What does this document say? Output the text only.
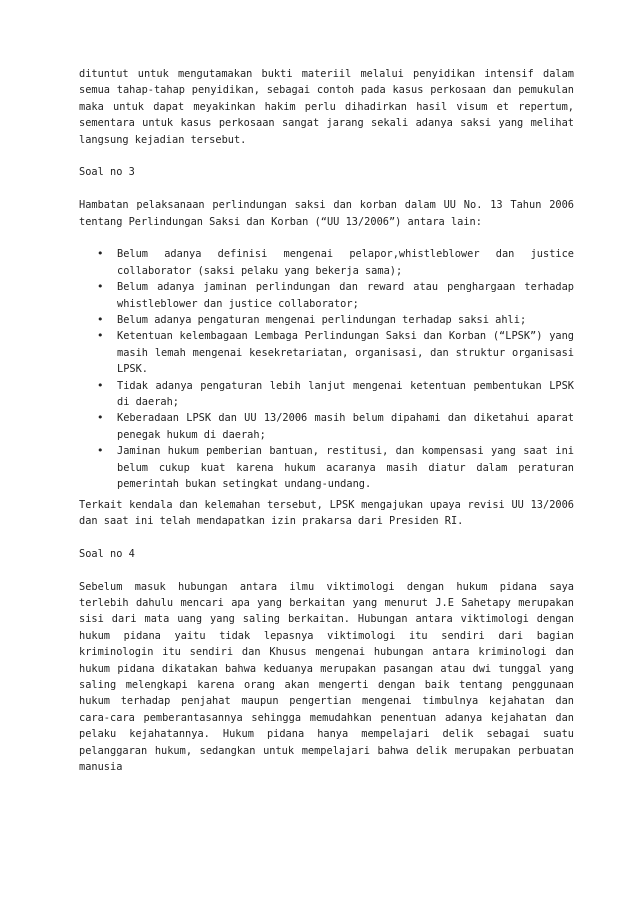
dituntut untuk mengutamakan bukti materiil melalui penyidikan intensif dalam semua tahap-tahap penyidikan, sebagai contoh pada kasus perkosaan dan pemukulan maka untuk dapat meyakinkan hakim perlu dihadirkan hasil visum et repertum, sementara untuk kasus perkosaan sangat jarang sekali adanya saksi yang melihat langsung kejadian tersebut.

Soal no 3

Hambatan pelaksanaan perlindungan saksi dan korban dalam UU No. 13 Tahun 2006 tentang Perlindungan Saksi dan Korban (“UU 13/2006”) antara lain:

• Belum adanya definisi mengenai pelapor,whistleblower dan justice collaborator (saksi pelaku yang bekerja sama);
• Belum adanya jaminan perlindungan dan reward atau penghargaan terhadap whistleblower dan justice collaborator;
• Belum adanya pengaturan mengenai perlindungan terhadap saksi ahli;
• Ketentuan kelembagaan Lembaga Perlindungan Saksi dan Korban (“LPSK”) yang masih lemah mengenai kesekretariatan, organisasi, dan struktur organisasi LPSK.
• Tidak adanya pengaturan lebih lanjut mengenai ketentuan pembentukan LPSK di daerah;
• Keberadaan LPSK dan UU 13/2006 masih belum dipahami dan diketahui aparat penegak hukum di daerah;
• Jaminan hukum pemberian bantuan, restitusi, dan kompensasi yang saat ini belum cukup kuat karena hukum acaranya masih diatur dalam peraturan pemerintah bukan setingkat undang-undang.

Terkait kendala dan kelemahan tersebut, LPSK mengajukan upaya revisi UU 13/2006 dan saat ini telah mendapatkan izin prakarsa dari Presiden RI.

Soal no 4

Sebelum masuk hubungan antara ilmu viktimologi dengan hukum pidana saya terlebih dahulu mencari apa yang berkaitan yang menurut J.E Sahetapy merupakan sisi dari mata uang yang saling berkaitan. Hubungan antara viktimologi dengan hukum pidana yaitu tidak lepasnya viktimologi itu sendiri dari bagian kriminologin itu sendiri dan Khusus mengenai hubungan antara kriminologi dan hukum pidana dikatakan bahwa keduanya merupakan pasangan atau dwi tunggal yang saling melengkapi karena orang akan mengerti dengan baik tentang penggunaan hukum terhadap penjahat maupun pengertian mengenai timbulnya kejahatan dan cara-cara pemberantasannya sehingga memudahkan penentuan adanya kejahatan dan pelaku kejahatannya. Hukum pidana hanya mempelajari delik sebagai suatu pelanggaran hukum, sedangkan untuk mempelajari bahwa delik merupakan perbuatan manusia
